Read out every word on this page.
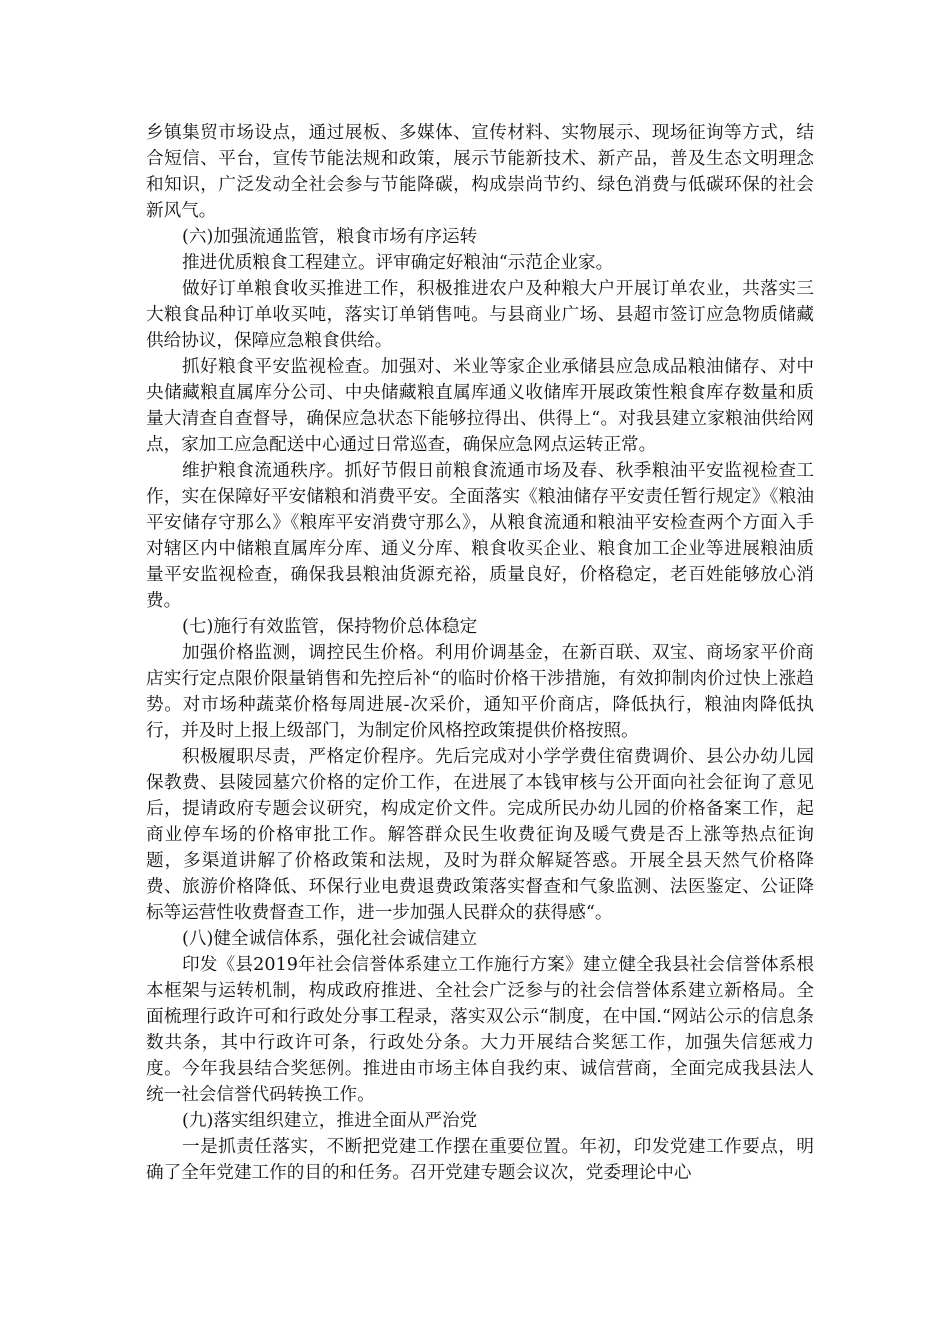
乡镇集贸市场设点，通过展板、多媒体、宣传材料、实物展示、现场征询等方式，结合短信、平台，宣传节能法规和政策，展示节能新技术、新产品，普及生态文明理念和知识，广泛发动全社会参与节能降碳，构成崇尚节约、绿色消费与低碳环保的社会新风气。

(六)加强流通监管，粮食市场有序运转

推进优质粮食工程建立。评审确定好粮油“示范企业家。

做好订单粮食收买推进工作，积极推进农户及种粮大户开展订单农业，共落实三大粮食品种订单收买吨，落实订单销售吨。与县商业广场、县超市签订应急物质储藏供给协议，保障应急粮食供给。

抓好粮食平安监视检查。加强对、米业等家企业承储县应急成品粮油储存、对中央储藏粮直属库分公司、中央储藏粮直属库通义收储库开展政策性粮食库存数量和质量大清查自查督导，确保应急状态下能够拉得出、供得上“。对我县建立家粮油供给网点，家加工应急配送中心通过日常巡查，确保应急网点运转正常。

维护粮食流通秩序。抓好节假日前粮食流通市场及春、秋季粮油平安监视检查工作，实在保障好平安储粮和消费平安。全面落实《粮油储存平安责任暂行规定》《粮油平安储存守那么》《粮库平安消费守那么》，从粮食流通和粮油平安检查两个方面入手对辖区内中储粮直属库分库、通义分库、粮食收买企业、粮食加工企业等进展粮油质量平安监视检查，确保我县粮油货源充裕，质量良好，价格稳定，老百姓能够放心消费。

(七)施行有效监管，保持物价总体稳定

加强价格监测，调控民生价格。利用价调基金，在新百联、双宝、商场家平价商店实行定点限价限量销售和先控后补“的临时价格干涉措施，有效抑制肉价过快上涨趋势。对市场种蔬菜价格每周进展-次采价，通知平价商店，降低执行，粮油肉降低执行，并及时上报上级部门，为制定价风格控政策提供价格按照。

积极履职尽责，严格定价程序。先后完成对小学学费住宿费调价、县公办幼儿园保教费、县陵园墓穴价格的定价工作，在进展了本钱审核与公开面向社会征询了意见后，提请政府专题会议研究，构成定价文件。完成所民办幼儿园的价格备案工作，起商业停车场的价格审批工作。解答群众民生收费征询及暖气费是否上涨等热点征询题，多渠道讲解了价格政策和法规，及时为群众解疑答惑。开展全县天然气价格降费、旅游价格降低、环保行业电费退费政策落实督查和气象监测、法医鉴定、公证降标等运营性收费督查工作，进一步加强人民群众的获得感“。

(八)健全诚信体系，强化社会诚信建立

印发《县2019年社会信誉体系建立工作施行方案》建立健全我县社会信誉体系根本框架与运转机制，构成政府推进、全社会广泛参与的社会信誉体系建立新格局。全面梳理行政许可和行政处分事工程录，落实双公示“制度，在中国.“网站公示的信息条数共条，其中行政许可条，行政处分条。大力开展结合奖惩工作，加强失信惩戒力度。今年我县结合奖惩例。推进由市场主体自我约束、诚信营商，全面完成我县法人统一社会信誉代码转换工作。

(九)落实组织建立，推进全面从严治党

一是抓责任落实，不断把党建工作摆在重要位置。年初，印发党建工作要点，明确了全年党建工作的目的和任务。召开党建专题会议次，党委理论中心
